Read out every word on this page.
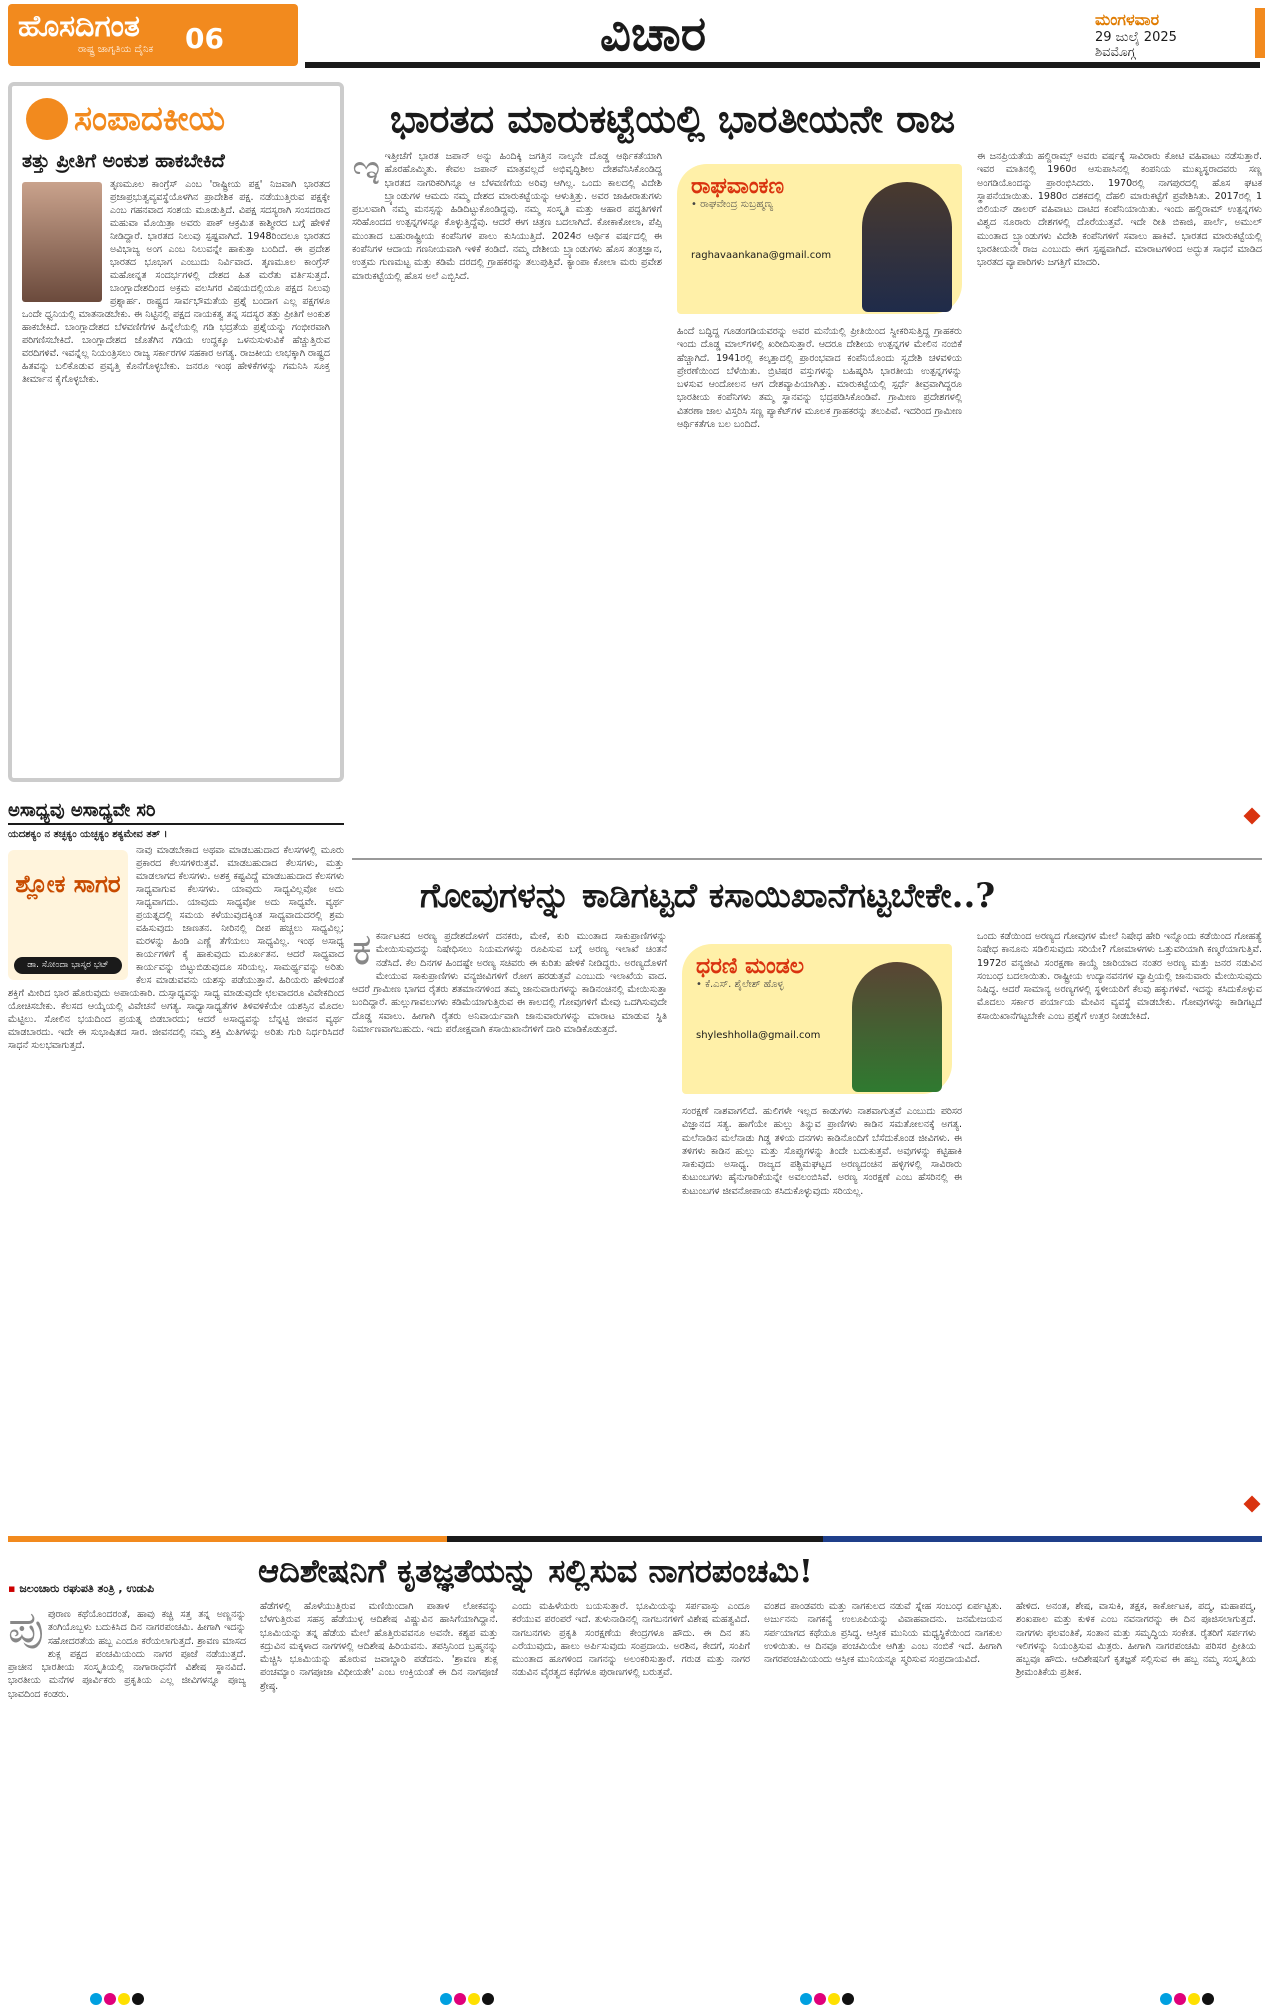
ಹೊಸದಿಗಂತ
ರಾಷ್ಟ್ರ ಜಾಗೃತಿಯ ದೈನಿಕ	06	ವಿಚಾರ	ಮಂಗಳವಾರ
29 ಜುಲೈ 2025
ಶಿವಮೊಗ್ಗ
ಸಂಪಾದಕೀಯ
ತತ್ತು ಪ್ರೀತಿಗೆ ಅಂಕುಶ ಹಾಕಬೇಕಿದೆ
ತೃಣಮೂಲ ಕಾಂಗ್ರೆಸ್ ಎಂಬ 'ರಾಷ್ಟ್ರೀಯ ಪಕ್ಷ' ನಿಜವಾಗಿ ಭಾರತದ ಪ್ರಜಾಪ್ರಭುತ್ವವ್ಯವಸ್ಥೆಯೊಳಗಿನ ಪ್ರಾದೇಶಿಕ ಪಕ್ಷ. ನಡೆಯುತ್ತಿರುವ ಪಕ್ಷಕ್ಕೇ ಎಂಬ ಗಹನವಾದ ಸಂಶಯ ಮೂಡುತ್ತಿದೆ. ವಿಪಕ್ಷ ಸದಸ್ಯರಾಗಿ ಸಂಸದರಾದ ಮಹುವಾ ಮೊಯಿತ್ರಾ ಅವರು ಪಾಕ್ ಆಕ್ರಮಿತ ಕಾಶ್ಮೀರದ ಬಗ್ಗೆ ಹೇಳಿಕೆ ನೀಡಿದ್ದಾರೆ. ಭಾರತದ ನಿಲುವು ಸ್ಪಷ್ಟವಾಗಿದೆ. 1948ರಿಂದಲೂ ಭಾರತದ ಅವಿಭಾಜ್ಯ ಅಂಗ ಎಂಬ ನಿಲುವನ್ನೇ ಹಾಕುತ್ತಾ ಬಂದಿದೆ. ಈ ಪ್ರದೇಶ ಭಾರತದ ಭೂಭಾಗ ಎಂಬುದು ನಿರ್ವಿವಾದ. ತೃಣಮೂಲ ಕಾಂಗ್ರೆಸ್ ಮಹೋನ್ನತ ಸಂದರ್ಭಗಳಲ್ಲಿ ದೇಶದ ಹಿತ ಮರೆತು ವರ್ತಿಸುತ್ತದೆ. ಬಾಂಗ್ಲಾದೇಶದಿಂದ ಅಕ್ರಮ ವಲಸಿಗರ ವಿಷಯದಲ್ಲಿಯೂ ಪಕ್ಷದ ನಿಲುವು ಪ್ರಶ್ನಾರ್ಹ. ರಾಷ್ಟ್ರದ ಸಾರ್ವಭೌಮತೆಯ ಪ್ರಶ್ನೆ ಬಂದಾಗ ಎಲ್ಲ ಪಕ್ಷಗಳೂ ಒಂದೇ ಧ್ವನಿಯಲ್ಲಿ ಮಾತನಾಡಬೇಕು. ಈ ನಿಟ್ಟಿನಲ್ಲಿ ಪಕ್ಷದ ನಾಯಕತ್ವ ತನ್ನ ಸದಸ್ಯರ ತತ್ತು ಪ್ರೀತಿಗೆ ಅಂಕುಶ ಹಾಕಬೇಕಿದೆ. ಬಾಂಗ್ಲಾದೇಶದ ಬೆಳವಣಿಗೆಗಳ ಹಿನ್ನೆಲೆಯಲ್ಲಿ ಗಡಿ ಭದ್ರತೆಯ ಪ್ರಶ್ನೆಯನ್ನು ಗಂಭೀರವಾಗಿ ಪರಿಗಣಿಸಬೇಕಿದೆ. ಬಾಂಗ್ಲಾದೇಶದ ಜೊತೆಗಿನ ಗಡಿಯ ಉದ್ದಕ್ಕೂ ಒಳನುಸುಳುವಿಕೆ ಹೆಚ್ಚುತ್ತಿರುವ ವರದಿಗಳಿವೆ. ಇವನ್ನೆಲ್ಲ ನಿಯಂತ್ರಿಸಲು ರಾಜ್ಯ ಸರ್ಕಾರಗಳ ಸಹಕಾರ ಅಗತ್ಯ. ರಾಜಕೀಯ ಲಾಭಕ್ಕಾಗಿ ರಾಷ್ಟ್ರದ ಹಿತವನ್ನು ಬಲಿಕೊಡುವ ಪ್ರವೃತ್ತಿ ಕೊನೆಗೊಳ್ಳಬೇಕು. ಜನರೂ ಇಂಥ ಹೇಳಿಕೆಗಳನ್ನು ಗಮನಿಸಿ ಸೂಕ್ತ ತೀರ್ಮಾನ ಕೈಗೊಳ್ಳಬೇಕು.
ಅಸಾಧ್ಯವು ಅಸಾಧ್ಯವೇ ಸರಿ
ಯದಶಕ್ಯಂ ನ ತಚ್ಛಕ್ಯಂ ಯಚ್ಛಕ್ಯಂ ಶಕ್ಯಮೇವ ತತ್ ।
ಶ್ಲೋಕ ಸಾಗರ
ಡಾ. ಸೋಂದಾ ಭಾಸ್ಕರ ಭಟ್
ನಾವು ಮಾಡಬೇಕಾದ ಅಥವಾ ಮಾಡಬಹುದಾದ ಕೆಲಸಗಳಲ್ಲಿ ಮೂರು ಪ್ರಕಾರದ ಕೆಲಸಗಳಿರುತ್ತವೆ. ಮಾಡಬಹುದಾದ ಕೆಲಸಗಳು, ಮತ್ತು ಮಾಡಲಾಗದ ಕೆಲಸಗಳು. ಅಶಕ್ತ ಕಷ್ಟವಿದ್ದೆ ಮಾಡಬಹುದಾದ ಕೆಲಸಗಳು ಸಾಧ್ಯವಾಗುವ ಕೆಲಸಗಳು. ಯಾವುದು ಸಾಧ್ಯವಿಲ್ಲವೋ ಅದು ಸಾಧ್ಯವಾಗದು. ಯಾವುದು ಸಾಧ್ಯವೋ ಅದು ಸಾಧ್ಯವೇ. ವ್ಯರ್ಥ ಪ್ರಯತ್ನದಲ್ಲಿ ಸಮಯ ಕಳೆಯುವುದಕ್ಕಿಂತ ಸಾಧ್ಯವಾದುದರಲ್ಲಿ ಶ್ರಮ ವಹಿಸುವುದು ಜಾಣತನ. ನೀರಿನಲ್ಲಿ ದೀಪ ಹಚ್ಚಲು ಸಾಧ್ಯವಿಲ್ಲ; ಮರಳನ್ನು ಹಿಂಡಿ ಎಣ್ಣೆ ತೆಗೆಯಲು ಸಾಧ್ಯವಿಲ್ಲ. ಇಂಥ ಅಸಾಧ್ಯ ಕಾರ್ಯಗಳಿಗೆ ಕೈ ಹಾಕುವುದು ಮೂರ್ಖತನ. ಆದರೆ ಸಾಧ್ಯವಾದ ಕಾರ್ಯವನ್ನು ಬಿಟ್ಟುಬಿಡುವುದೂ ಸರಿಯಲ್ಲ. ಸಾಮರ್ಥ್ಯವನ್ನು ಅರಿತು ಕೆಲಸ ಮಾಡುವವನು ಯಶಸ್ಸು ಪಡೆಯುತ್ತಾನೆ. ಹಿರಿಯರು ಹೇಳಿದಂತೆ ಶಕ್ತಿಗೆ ಮೀರಿದ ಭಾರ ಹೊರುವುದು ಅಪಾಯಕಾರಿ. ದುಸ್ಸಾಧ್ಯವನ್ನು ಸಾಧ್ಯ ಮಾಡುವುದೇ ಛಲವಾದರೂ ವಿವೇಕದಿಂದ ಯೋಚಿಸಬೇಕು. ಕೆಲಸದ ಆಯ್ಕೆಯಲ್ಲಿ ವಿವೇಚನೆ ಅಗತ್ಯ. ಸಾಧ್ಯಾಸಾಧ್ಯತೆಗಳ ತಿಳಿವಳಿಕೆಯೇ ಯಶಸ್ಸಿನ ಮೊದಲ ಮೆಟ್ಟಿಲು. ಸೋಲಿನ ಭಯದಿಂದ ಪ್ರಯತ್ನ ಬಿಡಬಾರದು; ಆದರೆ ಅಸಾಧ್ಯವನ್ನು ಬೆನ್ನಟ್ಟಿ ಜೀವನ ವ್ಯರ್ಥ ಮಾಡಬಾರದು. ಇದೇ ಈ ಸುಭಾಷಿತದ ಸಾರ. ಜೀವನದಲ್ಲಿ ನಮ್ಮ ಶಕ್ತಿ ಮಿತಿಗಳನ್ನು ಅರಿತು ಗುರಿ ನಿರ್ಧರಿಸಿದರೆ ಸಾಧನೆ ಸುಲಭವಾಗುತ್ತದೆ.
ಭಾರತದ ಮಾರುಕಟ್ಟೆಯಲ್ಲಿ ಭಾರತೀಯನೇ ರಾಜ
ಇಇತ್ತೀಚೆಗೆ ಭಾರತ ಜಪಾನ್ ಅನ್ನು ಹಿಂದಿಕ್ಕಿ ಜಗತ್ತಿನ ನಾಲ್ಕನೇ ದೊಡ್ಡ ಆರ್ಥಿಕತೆಯಾಗಿ ಹೊರಹೊಮ್ಮಿತು. ಕೇವಲ ಜಪಾನ್ ಮಾತ್ರವಲ್ಲದೆ ಅಭಿವೃದ್ಧಿಶೀಲ ದೇಶವೆನಿಸಿಕೊಂಡಿದ್ದ ಭಾರತದ ನಾಗರಿಕರಿಗಿನ್ನೂ ಆ ಬೆಳವಣಿಗೆಯ ಅರಿವು ಆಗಿಲ್ಲ. ಒಂದು ಕಾಲದಲ್ಲಿ ವಿದೇಶಿ ಬ್ರ್ಯಾಂಡುಗಳ ಆಮದು ನಮ್ಮ ದೇಶದ ಮಾರುಕಟ್ಟೆಯನ್ನು ಆಳುತ್ತಿತ್ತು. ಅವರ ಜಾಹೀರಾತುಗಳು ಪ್ರಬಲವಾಗಿ ನಮ್ಮ ಮನಸ್ಸನ್ನು ಹಿಡಿದಿಟ್ಟುಕೊಂಡಿದ್ದವು. ನಮ್ಮ ಸಂಸ್ಕೃತಿ ಮತ್ತು ಆಹಾರ ಪದ್ಧತಿಗಳಿಗೆ ಸರಿಹೊಂದದ ಉತ್ಪನ್ನಗಳನ್ನೂ ಕೊಳ್ಳುತ್ತಿದ್ದೆವು. ಆದರೆ ಈಗ ಚಿತ್ರಣ ಬದಲಾಗಿದೆ. ಕೋಕಾಕೋಲಾ, ಪೆಪ್ಸಿ ಮುಂತಾದ ಬಹುರಾಷ್ಟ್ರೀಯ ಕಂಪೆನಿಗಳ ಪಾಲು ಕುಸಿಯುತ್ತಿದೆ. 2024ರ ಆರ್ಥಿಕ ವರ್ಷದಲ್ಲಿ ಈ ಕಂಪೆನಿಗಳ ಆದಾಯ ಗಣನೀಯವಾಗಿ ಇಳಿಕೆ ಕಂಡಿದೆ. ನಮ್ಮ ದೇಶೀಯ ಬ್ರ್ಯಾಂಡುಗಳು ಹೊಸ ತಂತ್ರಜ್ಞಾನ, ಉತ್ತಮ ಗುಣಮಟ್ಟ ಮತ್ತು ಕಡಿಮೆ ದರದಲ್ಲಿ ಗ್ರಾಹಕರನ್ನು ತಲುಪುತ್ತಿವೆ. ಕ್ಯಾಂಪಾ ಕೋಲಾ ಮರು ಪ್ರವೇಶ ಮಾರುಕಟ್ಟೆಯಲ್ಲಿ ಹೊಸ ಅಲೆ ಎಬ್ಬಿಸಿದೆ.
ರಾಘವಾಂಕಣ
• ರಾಘವೇಂದ್ರ ಸುಬ್ರಹ್ಮಣ್ಯ
raghavaankana@gmail.com
ಹಿಂದೆ ಬದ್ಧಿದ್ದ ಗೂಡಂಗಡಿಯವರನ್ನು ಅವರ ಮನೆಯಲ್ಲಿ ಪ್ರೀತಿಯಿಂದ ಸ್ವೀಕರಿಸುತ್ತಿದ್ದ ಗ್ರಾಹಕರು ಇಂದು ದೊಡ್ಡ ಮಾಲ್‌ಗಳಲ್ಲಿ ಖರೀದಿಸುತ್ತಾರೆ. ಆದರೂ ದೇಶೀಯ ಉತ್ಪನ್ನಗಳ ಮೇಲಿನ ನಂಬಿಕೆ ಹೆಚ್ಚಾಗಿದೆ. 1941ರಲ್ಲಿ ಕಲ್ಕತ್ತಾದಲ್ಲಿ ಪ್ರಾರಂಭವಾದ ಕಂಪೆನಿಯೊಂದು ಸ್ವದೇಶಿ ಚಳವಳಿಯ ಪ್ರೇರಣೆಯಿಂದ ಬೆಳೆಯಿತು. ಬ್ರಿಟಿಷರ ವಸ್ತುಗಳನ್ನು ಬಹಿಷ್ಕರಿಸಿ ಭಾರತೀಯ ಉತ್ಪನ್ನಗಳನ್ನು ಬಳಸುವ ಆಂದೋಲನ ಆಗ ದೇಶವ್ಯಾಪಿಯಾಗಿತ್ತು. ಮಾರುಕಟ್ಟೆಯಲ್ಲಿ ಸ್ಪರ್ಧೆ ತೀವ್ರವಾಗಿದ್ದರೂ ಭಾರತೀಯ ಕಂಪೆನಿಗಳು ತಮ್ಮ ಸ್ಥಾನವನ್ನು ಭದ್ರಪಡಿಸಿಕೊಂಡಿವೆ. ಗ್ರಾಮೀಣ ಪ್ರದೇಶಗಳಲ್ಲಿ ವಿತರಣಾ ಜಾಲ ವಿಸ್ತರಿಸಿ ಸಣ್ಣ ಪ್ಯಾಕೆಟ್‌ಗಳ ಮೂಲಕ ಗ್ರಾಹಕರನ್ನು ತಲುಪಿವೆ. ಇದರಿಂದ ಗ್ರಾಮೀಣ ಆರ್ಥಿಕತೆಗೂ ಬಲ ಬಂದಿದೆ.
ಈ ಜನಪ್ರಿಯತೆಯ ಹಲ್ದಿರಾಮ್ಸ್ ಅವರು ವರ್ಷಕ್ಕೆ ಸಾವಿರಾರು ಕೋಟಿ ವಹಿವಾಟು ನಡೆಸುತ್ತಾರೆ. ಇವರ ಮಾತಿನಲ್ಲಿ 1960ರ ಆಸುಪಾಸಿನಲ್ಲಿ ಕಂಪನಿಯ ಮುಖ್ಯಸ್ಥರಾದವರು ಸಣ್ಣ ಅಂಗಡಿಯೊಂದನ್ನು ಪ್ರಾರಂಭಿಸಿದರು. 1970ರಲ್ಲಿ ನಾಗಪುರದಲ್ಲಿ ಹೊಸ ಘಟಕ ಸ್ಥಾಪನೆಯಾಯಿತು. 1980ರ ದಶಕದಲ್ಲಿ ದೆಹಲಿ ಮಾರುಕಟ್ಟೆಗೆ ಪ್ರವೇಶಿಸಿತು. 2017ರಲ್ಲಿ 1 ಬಿಲಿಯನ್ ಡಾಲರ್ ವಹಿವಾಟು ದಾಟಿದ ಕಂಪೆನಿಯಾಯಿತು. ಇಂದು ಹಲ್ದಿರಾಮ್ ಉತ್ಪನ್ನಗಳು ವಿಶ್ವದ ನೂರಾರು ದೇಶಗಳಲ್ಲಿ ದೊರೆಯುತ್ತವೆ. ಇದೇ ರೀತಿ ಬಿಕಾಜಿ, ಪಾರ್ಲೆ, ಅಮುಲ್ ಮುಂತಾದ ಬ್ರ್ಯಾಂಡುಗಳು ವಿದೇಶಿ ಕಂಪೆನಿಗಳಿಗೆ ಸವಾಲು ಹಾಕಿವೆ. ಭಾರತದ ಮಾರುಕಟ್ಟೆಯಲ್ಲಿ ಭಾರತೀಯನೇ ರಾಜ ಎಂಬುದು ಈಗ ಸ್ಪಷ್ಟವಾಗಿದೆ. ಮಾರಾಟಗಳಿಂದ ಅದ್ಭುತ ಸಾಧನೆ ಮಾಡಿದ ಭಾರತದ ವ್ಯಾಪಾರಿಗಳು ಜಗತ್ತಿಗೆ ಮಾದರಿ.
ಗೋವುಗಳನ್ನು ಕಾಡಿಗಟ್ಟದೆ ಕಸಾಯಿಖಾನೆಗಟ್ಟಬೇಕೇ..?
ಕಕರ್ನಾಟಕದ ಅರಣ್ಯ ಪ್ರದೇಶದೊಳಗೆ ದನಕರು, ಮೇಕೆ, ಕುರಿ ಮುಂತಾದ ಸಾಕುಪ್ರಾಣಿಗಳನ್ನು ಮೇಯಿಸುವುದನ್ನು ನಿಷೇಧಿಸಲು ನಿಯಮಗಳನ್ನು ರೂಪಿಸುವ ಬಗ್ಗೆ ಅರಣ್ಯ ಇಲಾಖೆ ಚಿಂತನೆ ನಡೆಸಿದೆ. ಕೆಲ ದಿನಗಳ ಹಿಂದಷ್ಟೇ ಅರಣ್ಯ ಸಚಿವರು ಈ ಕುರಿತು ಹೇಳಿಕೆ ನೀಡಿದ್ದರು. ಅರಣ್ಯದೊಳಗೆ ಮೇಯುವ ಸಾಕುಪ್ರಾಣಿಗಳು ವನ್ಯಜೀವಿಗಳಿಗೆ ರೋಗ ಹರಡುತ್ತವೆ ಎಂಬುದು ಇಲಾಖೆಯ ವಾದ. ಆದರೆ ಗ್ರಾಮೀಣ ಭಾಗದ ರೈತರು ಶತಮಾನಗಳಿಂದ ತಮ್ಮ ಜಾನುವಾರುಗಳನ್ನು ಕಾಡಿನಂಚಿನಲ್ಲಿ ಮೇಯಿಸುತ್ತಾ ಬಂದಿದ್ದಾರೆ. ಹುಲ್ಲುಗಾವಲುಗಳು ಕಡಿಮೆಯಾಗುತ್ತಿರುವ ಈ ಕಾಲದಲ್ಲಿ ಗೋವುಗಳಿಗೆ ಮೇವು ಒದಗಿಸುವುದೇ ದೊಡ್ಡ ಸವಾಲು. ಹೀಗಾಗಿ ರೈತರು ಅನಿವಾರ್ಯವಾಗಿ ಜಾನುವಾರುಗಳನ್ನು ಮಾರಾಟ ಮಾಡುವ ಸ್ಥಿತಿ ನಿರ್ಮಾಣವಾಗಬಹುದು. ಇದು ಪರೋಕ್ಷವಾಗಿ ಕಸಾಯಿಖಾನೆಗಳಿಗೆ ದಾರಿ ಮಾಡಿಕೊಡುತ್ತದೆ.
ಧರಣಿ ಮಂಡಲ
• ಕೆ.ಎಸ್. ಶೈಲೇಶ್ ಹೊಳ್ಳ
shyleshholla@gmail.com
ಸಂರಕ್ಷಣೆ ನಾಶವಾಗಲಿದೆ. ಹುಲಿಗಳೇ ಇಲ್ಲದ ಕಾಡುಗಳು ನಾಶವಾಗುತ್ತವೆ ಎಂಬುದು ಪರಿಸರ ವಿಜ್ಞಾನದ ಸತ್ಯ. ಹಾಗೆಯೇ ಹುಲ್ಲು ತಿನ್ನುವ ಪ್ರಾಣಿಗಳು ಕಾಡಿನ ಸಮತೋಲನಕ್ಕೆ ಅಗತ್ಯ. ಮಲೆನಾಡಿನ ಮಲೆನಾಡು ಗಿಡ್ಡ ತಳಿಯ ದನಗಳು ಕಾಡಿನೊಂದಿಗೆ ಬೆಸೆದುಕೊಂಡ ಜೀವಿಗಳು. ಈ ತಳಿಗಳು ಕಾಡಿನ ಹುಲ್ಲು ಮತ್ತು ಸೊಪ್ಪುಗಳನ್ನು ತಿಂದೇ ಬದುಕುತ್ತವೆ. ಅವುಗಳನ್ನು ಕಟ್ಟಿಹಾಕಿ ಸಾಕುವುದು ಅಸಾಧ್ಯ. ರಾಜ್ಯದ ಪಶ್ಚಿಮಘಟ್ಟದ ಅರಣ್ಯದಂಚಿನ ಹಳ್ಳಿಗಳಲ್ಲಿ ಸಾವಿರಾರು ಕುಟುಂಬಗಳು ಹೈನುಗಾರಿಕೆಯನ್ನೇ ಅವಲಂಬಿಸಿವೆ. ಅರಣ್ಯ ಸಂರಕ್ಷಣೆ ಎಂಬ ಹೆಸರಿನಲ್ಲಿ ಈ ಕುಟುಂಬಗಳ ಜೀವನೋಪಾಯ ಕಸಿದುಕೊಳ್ಳುವುದು ಸರಿಯಲ್ಲ.
ಒಂದು ಕಡೆಯಿಂದ ಅರಣ್ಯದ ಗೋವುಗಳ ಮೇಲೆ ನಿಷೇಧ ಹೇರಿ ಇನ್ನೊಂದು ಕಡೆಯಿಂದ ಗೋಹತ್ಯೆ ನಿಷೇಧ ಕಾನೂನು ಸಡಿಲಿಸುವುದು ಸರಿಯೇ? ಗೋಮಾಳಗಳು ಒತ್ತುವರಿಯಾಗಿ ಕಣ್ಮರೆಯಾಗುತ್ತಿವೆ. 1972ರ ವನ್ಯಜೀವಿ ಸಂರಕ್ಷಣಾ ಕಾಯ್ದೆ ಜಾರಿಯಾದ ನಂತರ ಅರಣ್ಯ ಮತ್ತು ಜನರ ನಡುವಿನ ಸಂಬಂಧ ಬದಲಾಯಿತು. ರಾಷ್ಟ್ರೀಯ ಉದ್ಯಾನವನಗಳ ವ್ಯಾಪ್ತಿಯಲ್ಲಿ ಜಾನುವಾರು ಮೇಯಿಸುವುದು ನಿಷಿದ್ಧ. ಆದರೆ ಸಾಮಾನ್ಯ ಅರಣ್ಯಗಳಲ್ಲಿ ಸ್ಥಳೀಯರಿಗೆ ಕೆಲವು ಹಕ್ಕುಗಳಿವೆ. ಇದನ್ನು ಕಸಿದುಕೊಳ್ಳುವ ಮೊದಲು ಸರ್ಕಾರ ಪರ್ಯಾಯ ಮೇವಿನ ವ್ಯವಸ್ಥೆ ಮಾಡಬೇಕು. ಗೋವುಗಳನ್ನು ಕಾಡಿಗಟ್ಟದೆ ಕಸಾಯಿಖಾನೆಗಟ್ಟಬೇಕೇ ಎಂಬ ಪ್ರಶ್ನೆಗೆ ಉತ್ತರ ನೀಡಬೇಕಿದೆ.
ಆದಿಶೇಷನಿಗೆ ಕೃತಜ್ಞತೆಯನ್ನು ಸಲ್ಲಿಸುವ ನಾಗರಪಂಚಮಿ!
▪ ಜಲಂಚಾರು ರಘುಪತಿ ತಂತ್ರಿ , ಉಡುಪಿ
ಪುಪುರಾಣ ಕಥೆಯೊಂದರಂತೆ, ಹಾವು ಕಚ್ಚಿ ಸತ್ತ ತನ್ನ ಅಣ್ಣನನ್ನು ತಂಗಿಯೊಬ್ಬಳು ಬದುಕಿಸಿದ ದಿನ ನಾಗರಪಂಚಮಿ. ಹೀಗಾಗಿ ಇದನ್ನು ಸಹೋದರತೆಯ ಹಬ್ಬ ಎಂದೂ ಕರೆಯಲಾಗುತ್ತದೆ. ಶ್ರಾವಣ ಮಾಸದ ಶುಕ್ಲ ಪಕ್ಷದ ಪಂಚಮಿಯಂದು ನಾಗರ ಪೂಜೆ ನಡೆಯುತ್ತದೆ. ಪ್ರಾಚೀನ ಭಾರತೀಯ ಸಂಸ್ಕೃತಿಯಲ್ಲಿ ನಾಗಾರಾಧನೆಗೆ ವಿಶೇಷ ಸ್ಥಾನವಿದೆ. ಭಾರತೀಯ ಮನೆಗಳ ಪೂರ್ವಿಕರು ಪ್ರಕೃತಿಯ ಎಲ್ಲ ಜೀವಿಗಳನ್ನೂ ಪೂಜ್ಯ ಭಾವದಿಂದ ಕಂಡರು.
ಹೆಡೆಗಳಲ್ಲಿ ಹೊಳೆಯುತ್ತಿರುವ ಮಣಿಯಿಂದಾಗಿ ಪಾತಾಳ ಲೋಕವನ್ನು ಬೆಳಗುತ್ತಿರುವ ಸಹಸ್ರ ಹೆಡೆಯುಳ್ಳ ಆದಿಶೇಷ ವಿಷ್ಣುವಿನ ಹಾಸಿಗೆಯಾಗಿದ್ದಾನೆ. ಭೂಮಿಯನ್ನು ತನ್ನ ಹೆಡೆಯ ಮೇಲೆ ಹೊತ್ತಿರುವವನೂ ಅವನೇ. ಕಶ್ಯಪ ಮತ್ತು ಕದ್ರುವಿನ ಮಕ್ಕಳಾದ ನಾಗಗಳಲ್ಲಿ ಆದಿಶೇಷ ಹಿರಿಯವನು. ತಪಸ್ಸಿನಿಂದ ಬ್ರಹ್ಮನನ್ನು ಮೆಚ್ಚಿಸಿ ಭೂಮಿಯನ್ನು ಹೊರುವ ಜವಾಬ್ದಾರಿ ಪಡೆದನು. 'ಶ್ರಾವಣ ಶುಕ್ಲ ಪಂಚಮ್ಯಾಂ ನಾಗಪೂಜಾ ವಿಧೀಯತೇ' ಎಂಬ ಉಕ್ತಿಯಂತೆ ಈ ದಿನ ನಾಗಪೂಜೆ ಶ್ರೇಷ್ಠ.
ಎಂದು ಮಹಿಳೆಯರು ಬಯಸುತ್ತಾರೆ. ಭೂಮಿಯನ್ನು ಸರ್ಪವಾಸ್ತು ಎಂದೂ ಕರೆಯುವ ಪರಂಪರೆ ಇದೆ. ತುಳುನಾಡಿನಲ್ಲಿ ನಾಗಬನಗಳಿಗೆ ವಿಶೇಷ ಮಹತ್ವವಿದೆ. ನಾಗಬನಗಳು ಪ್ರಕೃತಿ ಸಂರಕ್ಷಣೆಯ ಕೇಂದ್ರಗಳೂ ಹೌದು. ಈ ದಿನ ತನಿ ಎರೆಯುವುದು, ಹಾಲು ಅರ್ಪಿಸುವುದು ಸಂಪ್ರದಾಯ. ಅರಶಿನ, ಕೇದಗೆ, ಸಂಪಿಗೆ ಮುಂತಾದ ಹೂಗಳಿಂದ ನಾಗನನ್ನು ಅಲಂಕರಿಸುತ್ತಾರೆ. ಗರುಡ ಮತ್ತು ನಾಗರ ನಡುವಿನ ವೈರತ್ವದ ಕಥೆಗಳೂ ಪುರಾಣಗಳಲ್ಲಿ ಬರುತ್ತವೆ.
ವಂಶದ ಪಾಂಡವರು ಮತ್ತು ನಾಗಕುಲದ ನಡುವೆ ಸ್ನೇಹ ಸಂಬಂಧ ಏರ್ಪಟ್ಟಿತು. ಅರ್ಜುನನು ನಾಗಕನ್ಯೆ ಉಲೂಪಿಯನ್ನು ವಿವಾಹವಾದನು. ಜನಮೇಜಯನ ಸರ್ಪಯಾಗದ ಕಥೆಯೂ ಪ್ರಸಿದ್ಧ. ಆಸ್ತೀಕ ಮುನಿಯ ಮಧ್ಯಸ್ಥಿಕೆಯಿಂದ ನಾಗಕುಲ ಉಳಿಯಿತು. ಆ ದಿನವೂ ಪಂಚಮಿಯೇ ಆಗಿತ್ತು ಎಂಬ ನಂಬಿಕೆ ಇದೆ. ಹೀಗಾಗಿ ನಾಗರಪಂಚಮಿಯಂದು ಆಸ್ತೀಕ ಮುನಿಯನ್ನೂ ಸ್ಮರಿಸುವ ಸಂಪ್ರದಾಯವಿದೆ.
ಹೇಳಿದ. ಅನಂತ, ಶೇಷ, ವಾಸುಕಿ, ತಕ್ಷಕ, ಕಾರ್ಕೋಟಕ, ಪದ್ಮ, ಮಹಾಪದ್ಮ, ಶಂಖಪಾಲ ಮತ್ತು ಕುಳಿಕ ಎಂಬ ನವನಾಗರನ್ನು ಈ ದಿನ ಪೂಜಿಸಲಾಗುತ್ತದೆ. ನಾಗಗಳು ಫಲವಂತಿಕೆ, ಸಂತಾನ ಮತ್ತು ಸಮೃದ್ಧಿಯ ಸಂಕೇತ. ರೈತರಿಗೆ ಸರ್ಪಗಳು ಇಲಿಗಳನ್ನು ನಿಯಂತ್ರಿಸುವ ಮಿತ್ರರು. ಹೀಗಾಗಿ ನಾಗರಪಂಚಮಿ ಪರಿಸರ ಪ್ರೀತಿಯ ಹಬ್ಬವೂ ಹೌದು. ಆದಿಶೇಷನಿಗೆ ಕೃತಜ್ಞತೆ ಸಲ್ಲಿಸುವ ಈ ಹಬ್ಬ ನಮ್ಮ ಸಂಸ್ಕೃತಿಯ ಶ್ರೀಮಂತಿಕೆಯ ಪ್ರತೀಕ.
